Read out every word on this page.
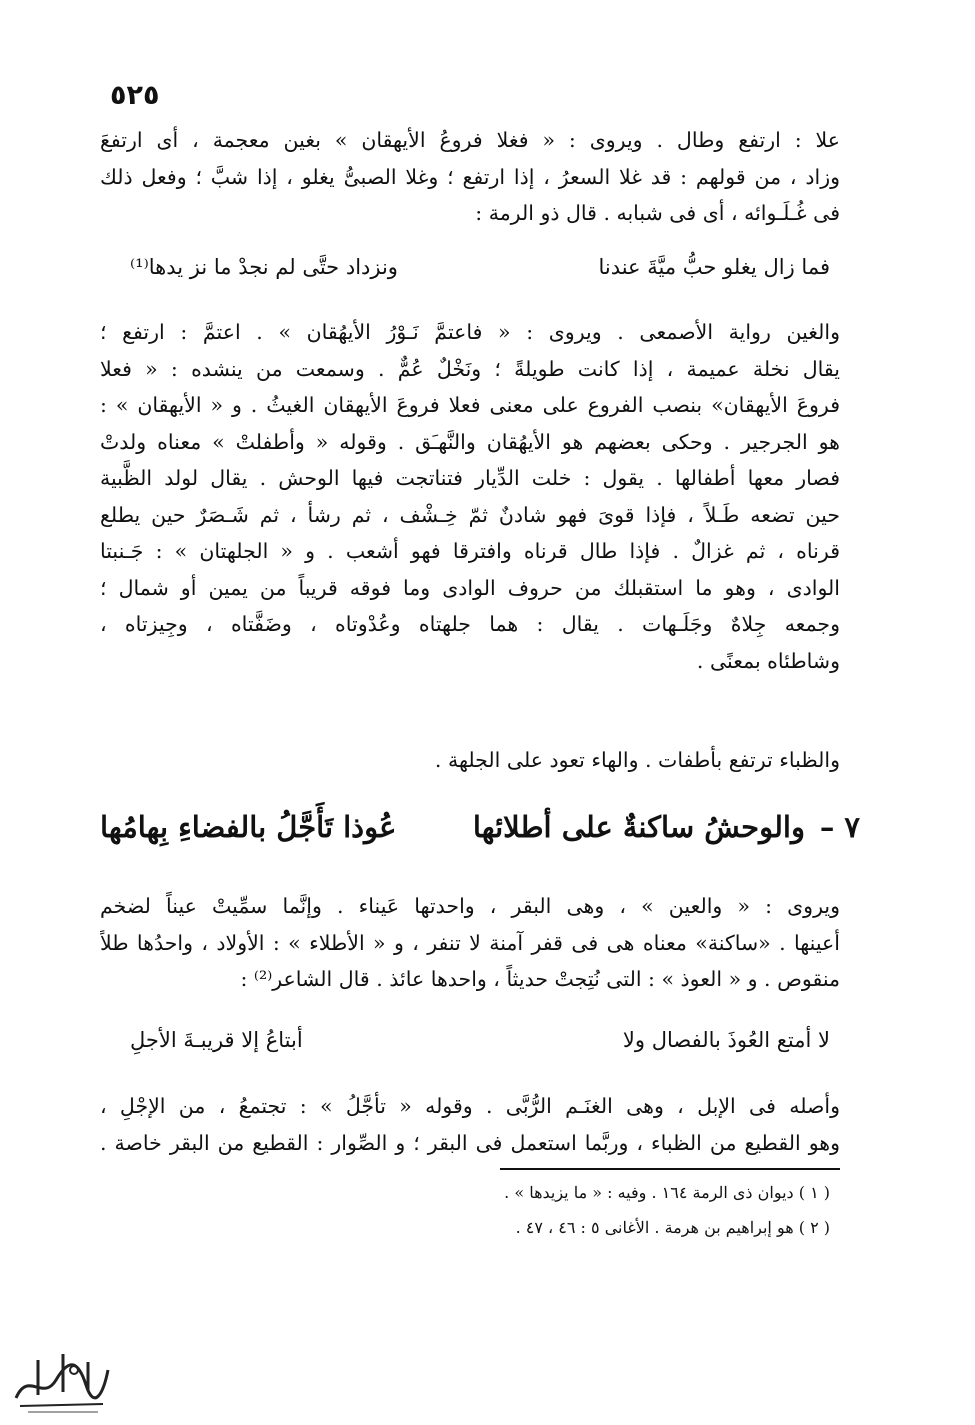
٥٢٥
علا : ارتفع وطال . ويروى : « فغلا فروعُ الأيهقان » بغين معجمة ، أى ارتفعَ
وزاد ، من قولهم : قد غلا السعرُ ، إذا ارتفع ؛ وغلا الصبىُّ يغلو ، إذا شبَّ ؛ وفعل ذلك
فى غُـلَـوائه ، أى فى شبابه . قال ذو الرمة :
فما زال يغلو حبُّ ميَّةَ عندنا
ونزداد حتَّى لم نجدْ ما نز يدها⁽¹⁾
والغين رواية الأصمعى . ويروى : « فاعتمَّ نَـوْرُ الأيهُقان » . اعتمَّ : ارتفع ؛
يقال نخلة عميمة ، إذا كانت طويلةً ؛ ونَخْلٌ عُمٌّ . وسمعت من ينشده : « فعلا
فروعَ الأيهقان» بنصب الفروع على معنى فعلا فروعَ الأيهقان الغيثُ . و « الأيهقان » :
هو الجرجير . وحكى بعضهم هو الأيهُقان والنَّهـَق . وقوله « وأطفلتْ » معناه ولدتْ
فصار معها أطفالها . يقول : خلت الدِّيار فتناتجت فيها الوحش . يقال لولد الظَّبية
حين تضعه طَـلاً ، فإذا قوىَ فهو شادنٌ ثمّ خِـشْف ، ثم رشأ ، ثم شَـصَرٌ حين يطلع
قرناه ، ثم غزالٌ . فإذا طال قرناه وافترقا فهو أشعب . و « الجلهتان » : جَـنبتا
الوادى ، وهو ما استقبلك من حروف الوادى وما فوقه قريباً من يمين أو شمال ؛
وجمعه جِلاهٌ وجَلَـهات . يقال : هما جلهتاه وعُدْوتاه ، وضَفَّتاه ، وجِيزتاه ،
وشاطئاه بمعنًى .
والظباء ترتفع بأطفات . والهاء تعود على الجلهة .
٧ –
والوحشُ ساكنةٌ على أطلائها
عُوذا تَأَجَّلُ بالفضاءِ بِهامُها
ويروى : « والعين » ، وهى البقر ، واحدتها عَيناء . وإنَّما سمِّيتْ عيناً لضخم
أعينها . «ساكنة» معناه هى فى قفر آمنة لا تنفر ، و « الأطلاء » : الأولاد ، واحدُها طلاً
منقوص . و « العوذ » : التى نُتِجتْ حديثاً ، واحدها عائذ . قال الشاعر⁽²⁾ :
لا أمتع العُوذَ بالفصال ولا
أبتاعُ إلا قريبـةَ الأجلِ
وأصله فى الإبل ، وهى الغنَـم الرُّبَّى . وقوله « تأجَّلُ » : تجتمعُ ، من الإجْلِ ،
وهو القطيع من الظباء ، وربَّما استعمل فى البقر ؛ و الصِّوار : القطيع من البقر خاصة .
( ١ ) ديوان ذى الرمة ١٦٤ . وفيه : « ما يزيدها » .
( ٢ ) هو إبراهيم بن هرمة . الأغانى ٥ : ٤٦ ، ٤٧ .
